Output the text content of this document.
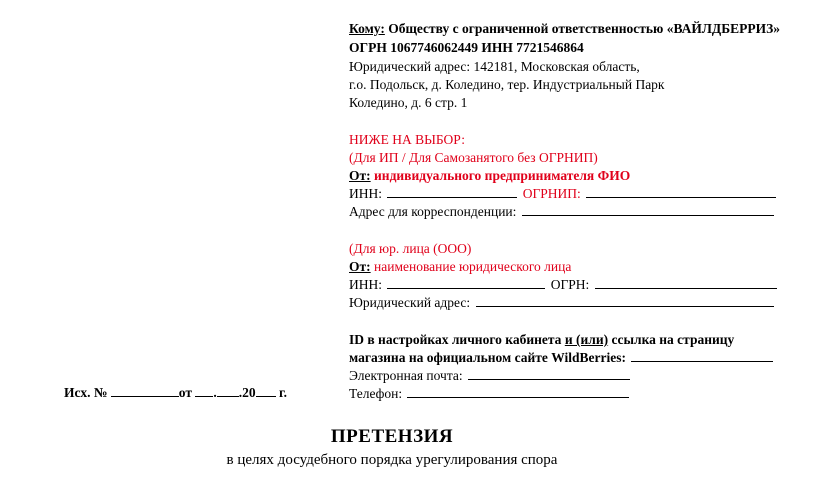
Кому: Обществу с ограниченной ответственностью «ВАЙЛДБЕРРИЗ»
ОГРН 1067746062449 ИНН 7721546864
Юридический адрес: 142181, Московская область,
г.о. Подольск, д. Коледино, тер. Индустриальный Парк
Коледино, д. 6 стр. 1
НИЖЕ НА ВЫБОР:
(Для ИП / Для Самозанятого без ОГРНИП)
От: индивидуального предпринимателя ФИО
ИНН:	ОГРНИП:
Адрес для корреспонденции:
(Для юр. лица (ООО)
От: наименование юридического лица
ИНН:	ОГРН:
Юридический адрес:
ID в настройках личного кабинета и (или) ссылка на страницу
магазина на официальном сайте WildBerries:
Электронная почта:
Телефон:
Исх. №	от . .20 г.
ПРЕТЕНЗИЯ
в целях досудебного порядка урегулирования спора
